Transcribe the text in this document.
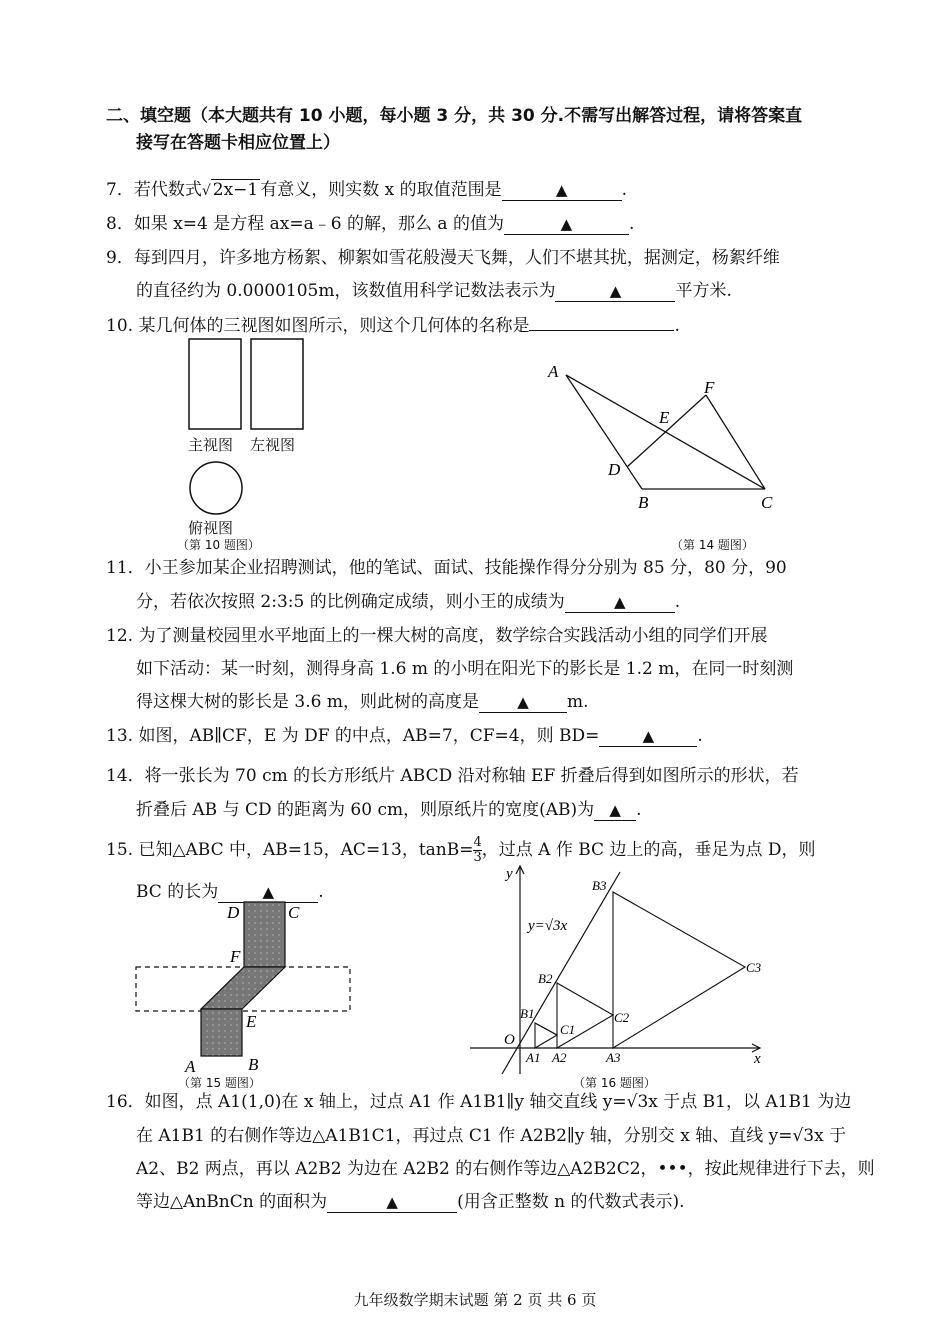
二、填空题（本大题共有 10 小题，每小题 3 分，共 30 分.不需写出解答过程，请将答案直
接写在答题卡相应位置上）
7．若代数式√ 2x−1 有意义，则实数 x 的取值范围是	▲	.
8．如果 x=4 是方程 ax=a﹣6 的解，那么 a 的值为	▲	.
9．每到四月，许多地方杨絮、柳絮如雪花般漫天飞舞，人们不堪其扰，据测定，杨絮纤维
的直径约为 0.0000105m，该数值用科学记数法表示为	▲	平方米.
10. 某几何体的三视图如图所示，则这个几何体的名称是	.
主视图 左视图
俯视图
（第 10 题图）
A
F
E
D
B	C
（第 14 题图）
11．小王参加某企业招聘测试，他的笔试、面试、技能操作得分分别为 85 分，80 分，90
分，若依次按照 2:3:5 的比例确定成绩，则小王的成绩为	▲	.
12. 为了测量校园里水平地面上的一棵大树的高度，数学综合实践活动小组的同学们开展
如下活动：某一时刻，测得身高 1.6 m 的小明在阳光下的影长是 1.2 m，在同一时刻测
得这棵大树的影长是 3.6 m，则此树的高度是	▲ m.
13. 如图，AB∥CF，E 为 DF 的中点，AB=7，CF=4，则 BD=	▲	.
14．将一张长为 70 cm 的长方形纸片 ABCD 沿对称轴 EF 折叠后得到如图所示的形状，若
折叠后 AB 与 CD 的距离为 60 cm，则原纸片的宽度(AB)为 ▲ .
15. 已知△ABC 中，AB=15，AC=13，$\tan B= \frac{4}{3}$ ，过点 A 作 BC 边上的高，垂足为点 D，则
BC 的长为	▲	.
D	C
F
E
A	B
（第 15 题图）
y
x
O
B3
C3
B2
C2
B1
C1
A1 A2	A3
y=√3x
（第 16 题图）
16．如图，点 A1(1,0)在 x 轴上，过点 A1 作 A1B1∥y 轴交直线 y=√3x 于点 B1，以 A1B1 为边
在 A1B1 的右侧作等边△A1B1C1，再过点 C1 作 A2B2∥y 轴，分别交 x 轴、直线 y=√3x 于
A2、B2 两点，再以 A2B2 为边在 A2B2 的右侧作等边△A2B2C2，•••，按此规律进行下去，则
等边△AnBnCn 的面积为	▲	(用含正整数 n 的代数式表示).
九年级数学期末试题 第 2 页 共 6 页
